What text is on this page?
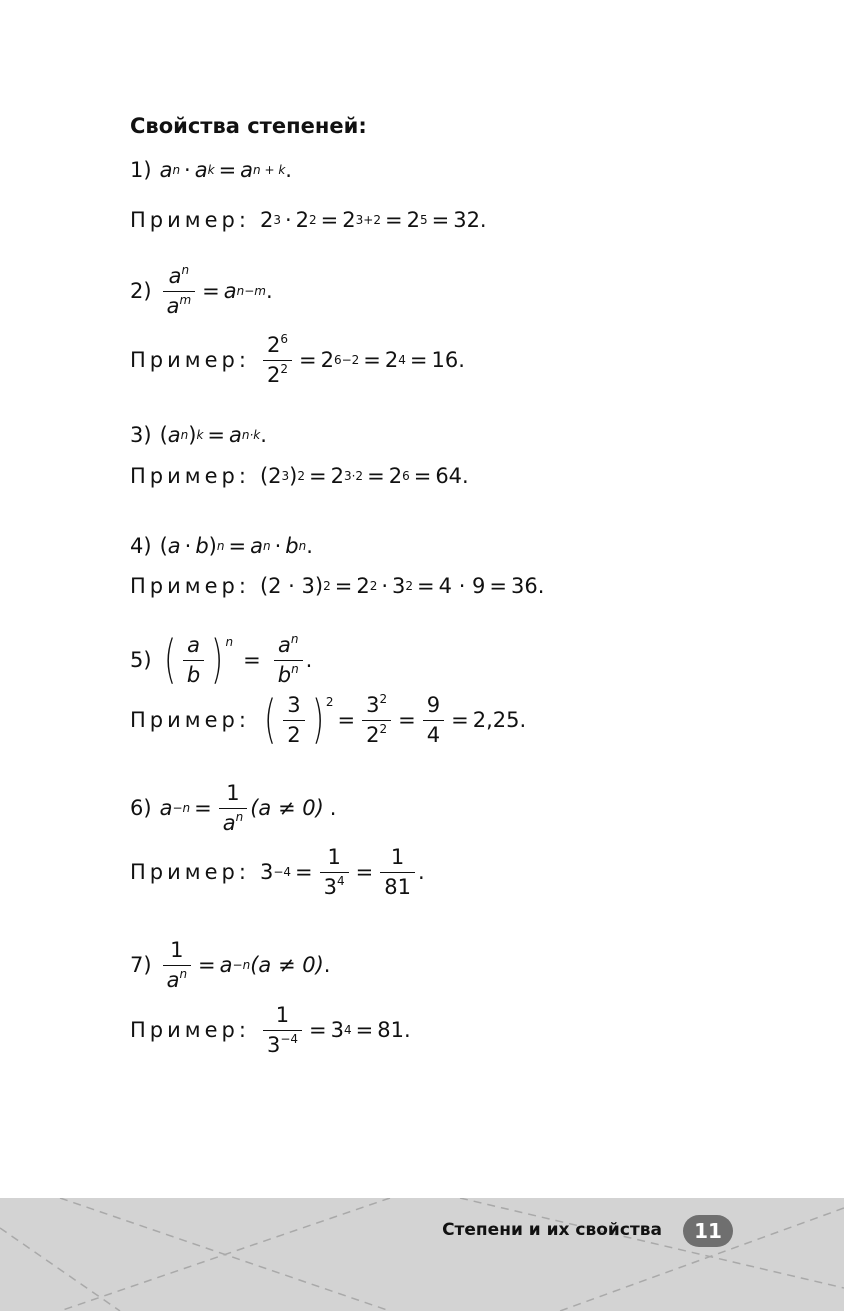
Свойства степеней:
1) a n · a k = a n + k .
Пример: 2 3 · 2 2 = 2 3+2 = 2 5 = 32.
$2) \frac{a^n}{a^m} = a$ n−m .
Пример: $\frac{2^6}{2^2} = 2$ 6−2 = 2 4 = 16.
3) ( a n ) k = a n·k .
Пример: ( 2 3 ) 2 = 2 3·2 = 2 6 = 64.
4) ( a · b ) n = a n · b n .
Пример: (2 · 3) 2 = 2 2 · 3 2 = 4 · 9 = 36.
5) ( $\frac{a}{b}$ ) n
= $\frac{a^n}{b^n}$ .
Пример: ( $\frac{3}{2}$ ) 2
= $\frac{3^2}{2^2} = \frac{9}{4} = 2,25$.
6) $a -n = \frac{1}{a^n} (a \ne 0)$ .
Пример: $3 -4 = \frac{1}{3^4} = \frac{1}{81}$ .
$7) \frac{1}{a^n} = a -n$ (a ≠ 0) .
Пример: $\frac{1}{3^{-4}} = 3$ 4 = 81.
Степени и их свойства	11
